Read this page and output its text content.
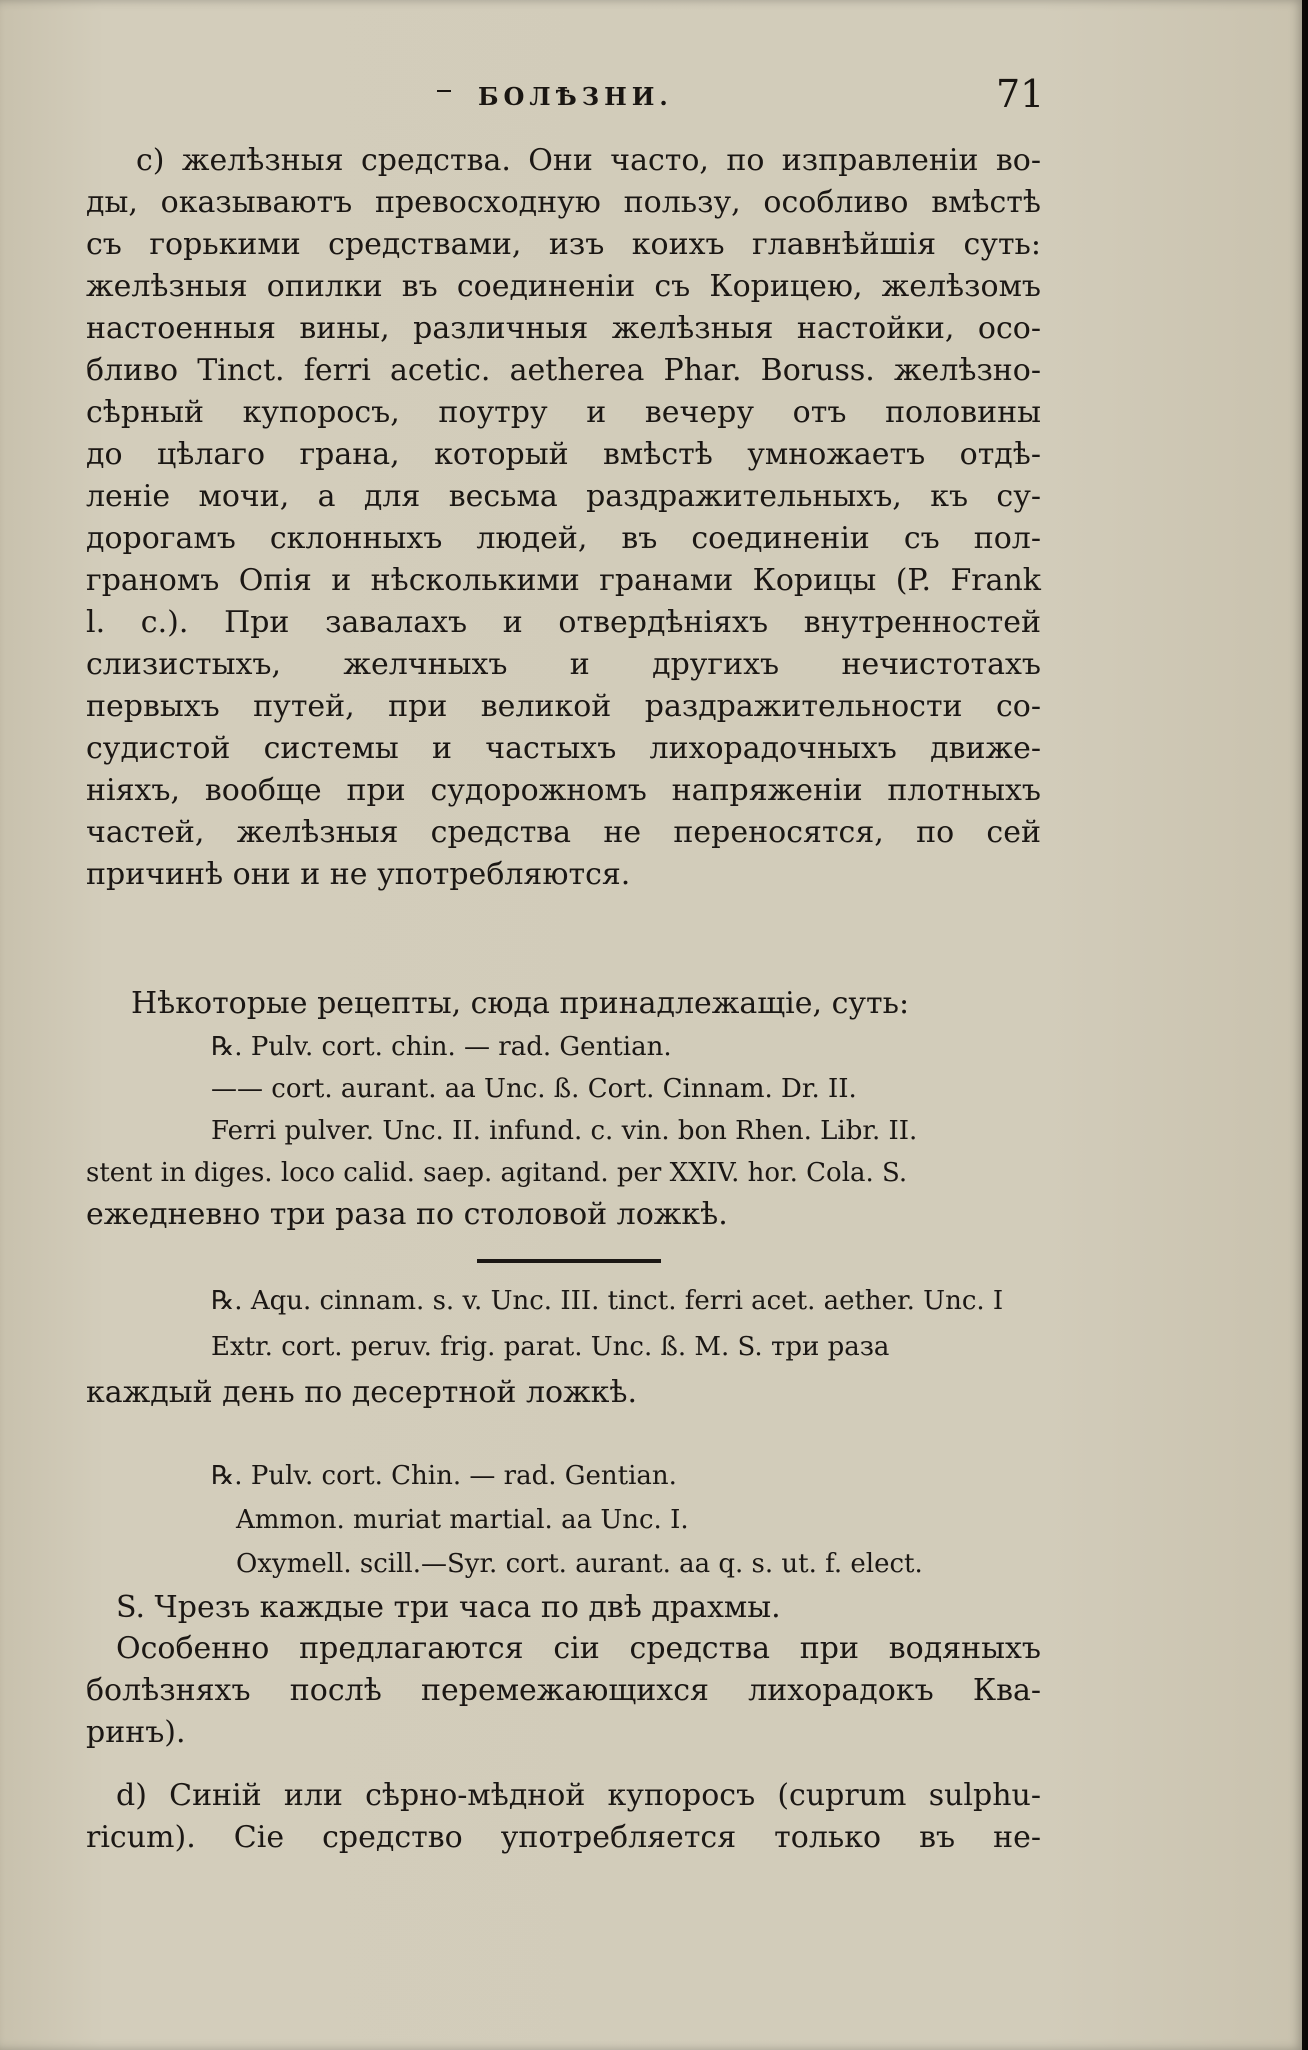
БОЛѢЗНИ.	71
c) желѣзныя средства. Они часто, по изправленіи во-
ды, оказываютъ превосходную пользу, особливо вмѣстѣ
съ горькими средствами, изъ коихъ главнѣйшія суть:
желѣзныя опилки въ соединеніи съ Корицею, желѣзомъ
настоенныя вины, различныя желѣзныя настойки, осо-
бливо Tinct. ferri acetic. aetherea Phar. Boruss. желѣзно-
сѣрный купоросъ, поутру и вечеру отъ половины
до цѣлаго грана, который вмѣстѣ умножаетъ отдѣ-
леніе мочи, а для весьма раздражительныхъ, къ су-
дорогамъ склонныхъ людей, въ соединеніи съ пол-
граномъ Опія и нѣсколькими гранами Корицы (P. Frank
l. c.). При завалахъ и отвердѣніяхъ внутренностей
слизистыхъ, желчныхъ и другихъ нечистотахъ
первыхъ путей, при великой раздражительности со-
судистой системы и частыхъ лихорадочныхъ движе-
ніяхъ, вообще при судорожномъ напряженіи плотныхъ
частей, желѣзныя средства не переносятся, по сей
причинѣ они и не употребляются.
Нѣкоторые рецепты, сюда принадлежащіе, суть:
℞. Pulv. cort. chin. — rad. Gentian.
—— cort. aurant. aa Unc. ß. Cort. Cinnam. Dr. II.
Ferri pulver. Unc. II. infund. c. vin. bon Rhen. Libr. II.
stent in diges. loco calid. saep. agitand. per XXIV. hor. Cola. S.
ежедневно три раза по столовой ложкѣ.
℞. Aqu. cinnam. s. v. Unc. III. tinct. ferri acet. aether. Unc. I
Extr. cort. peruv. frig. parat. Unc. ß. M. S. три раза
каждый день по десертной ложкѣ.
℞. Pulv. cort. Chin. — rad. Gentian.
Ammon. muriat martial. aa Unc. I.
Oxymell. scill.—Syr. cort. aurant. aa q. s. ut. f. elect.
S. Чрезъ каждые три часа по двѣ драхмы.
Особенно предлагаются сіи средства при водяныхъ
болѣзняхъ послѣ перемежающихся лихорадокъ Ква-
ринъ).
d) Синій или сѣрно-мѣдной купоросъ (cuprum sulphu-
ricum). Сіе средство употребляется только въ не-
